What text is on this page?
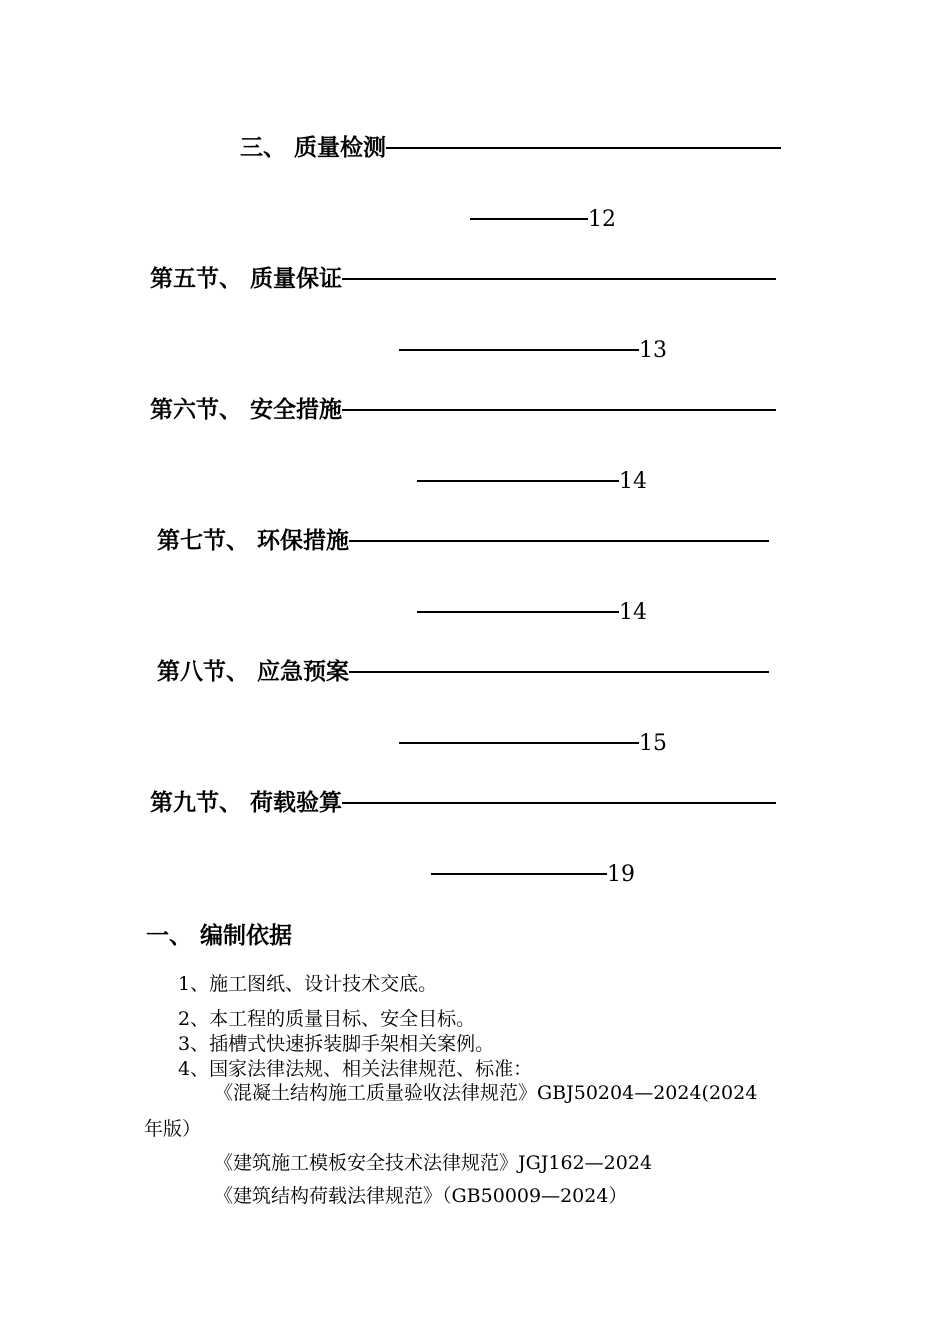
三、 质量检测
12
第五节、 质量保证
13
第六节、 安全措施
14
第七节、 环保措施
14
第八节、 应急预案
15
第九节、 荷载验算
19
一、 编制依据
1、施工图纸、设计技术交底。
2、本工程的质量目标、安全目标。
3、插槽式快速拆装脚手架相关案例。
4、国家法律法规、相关法律规范、标准：
《混凝土结构施工质量验收法律规范》GBJ50204—2024(2024
年版）
《建筑施工模板安全技术法律规范》JGJ162—2024
《建筑结构荷载法律规范》（GB50009—2024）
